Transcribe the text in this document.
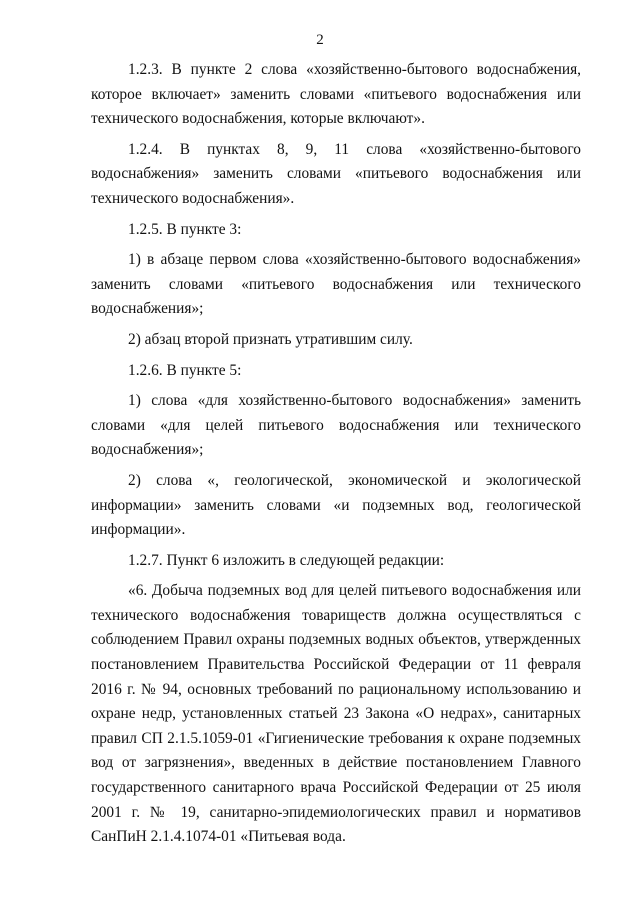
2

1.2.3. В пункте 2 слова «хозяйственно-бытового водоснабжения, которое включает» заменить словами «питьевого водоснабжения или технического водоснабжения, которые включают».

1.2.4. В пунктах 8, 9, 11 слова «хозяйственно-бытового водоснабжения» заменить словами «питьевого водоснабжения или технического водоснабжения».

1.2.5. В пункте 3:

1) в абзаце первом слова «хозяйственно-бытового водоснабжения» заменить словами «питьевого водоснабжения или технического водоснабжения»;

2) абзац второй признать утратившим силу.

1.2.6. В пункте 5:

1) слова «для хозяйственно-бытового водоснабжения» заменить словами «для целей питьевого водоснабжения или технического водоснабжения»;

2) слова «, геологической, экономической и экологической информации» заменить словами «и подземных вод, геологической информации».

1.2.7. Пункт 6 изложить в следующей редакции:

«6. Добыча подземных вод для целей питьевого водоснабжения или технического водоснабжения товариществ должна осуществляться с соблюдением Правил охраны подземных водных объектов, утвержденных постановлением Правительства Российской Федерации от 11 февраля 2016 г. № 94, основных требований по рациональному использованию и охране недр, установленных статьей 23 Закона «О недрах», санитарных правил СП 2.1.5.1059-01 «Гигиенические требования к охране подземных вод от загрязнения», введенных в действие постановлением Главного государственного санитарного врача Российской Федерации от 25 июля 2001 г. № 19, санитарно-эпидемиологических правил и нормативов СанПиН 2.1.4.1074-01 «Питьевая вода.
